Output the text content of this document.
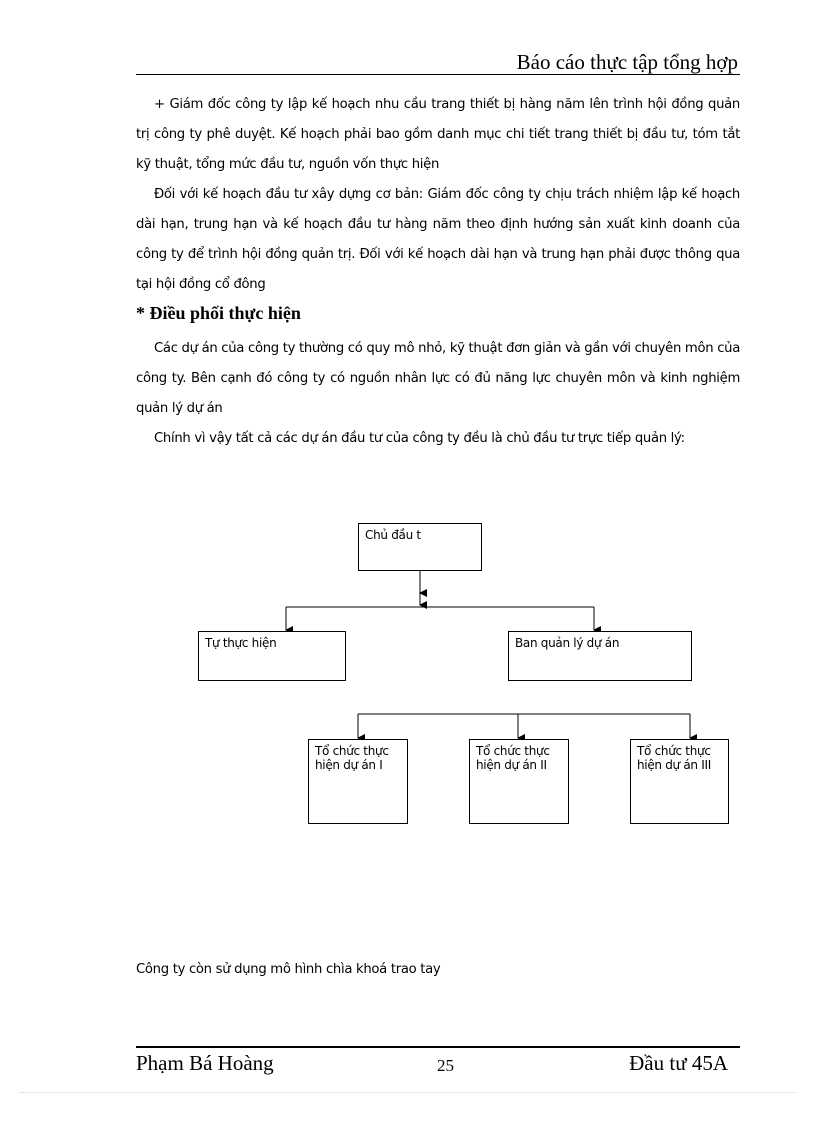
Báo cáo thực tập tổng hợp

+ Giám đốc công ty lập kế hoạch nhu cầu trang thiết bị hàng năm lên trình hội đồng quản trị công ty phê duyệt. Kế hoạch phải bao gồm danh mục chi tiết trang thiết bị đầu tư, tóm tắt kỹ thuật, tổng mức đầu tư, nguồn vốn thực hiện

Đối với kế hoạch đầu tư xây dựng cơ bản: Giám đốc công ty chịu trách nhiệm lập kế hoạch dài hạn, trung hạn và kế hoạch đầu tư hàng năm theo định hướng sản xuất kinh doanh của công ty để trình hội đồng quản trị. Đối với kế hoạch dài hạn và trung hạn phải được thông qua tại hội đồng cổ đông

* Điều phối thực hiện

Các dự án của công ty thường có quy mô nhỏ, kỹ thuật đơn giản và gần với chuyên môn của công ty. Bên cạnh đó công ty có nguồn nhân lực có đủ năng lực chuyên môn và kinh nghiệm quản lý dự án

Chính vì vậy tất cả các dự án đầu tư của công ty đều là chủ đầu tư trực tiếp quản lý:

Chủ đầu t
Tự thực hiện	Ban quản lý dự án
Tổ chức thực hiện dự án I
Tổ chức thực hiện dự án II
Tổ chức thực hiện dự án III
Công ty còn sử dụng mô hình chìa khoá trao tay
Phạm Bá Hoàng	25	Đầu tư 45A
